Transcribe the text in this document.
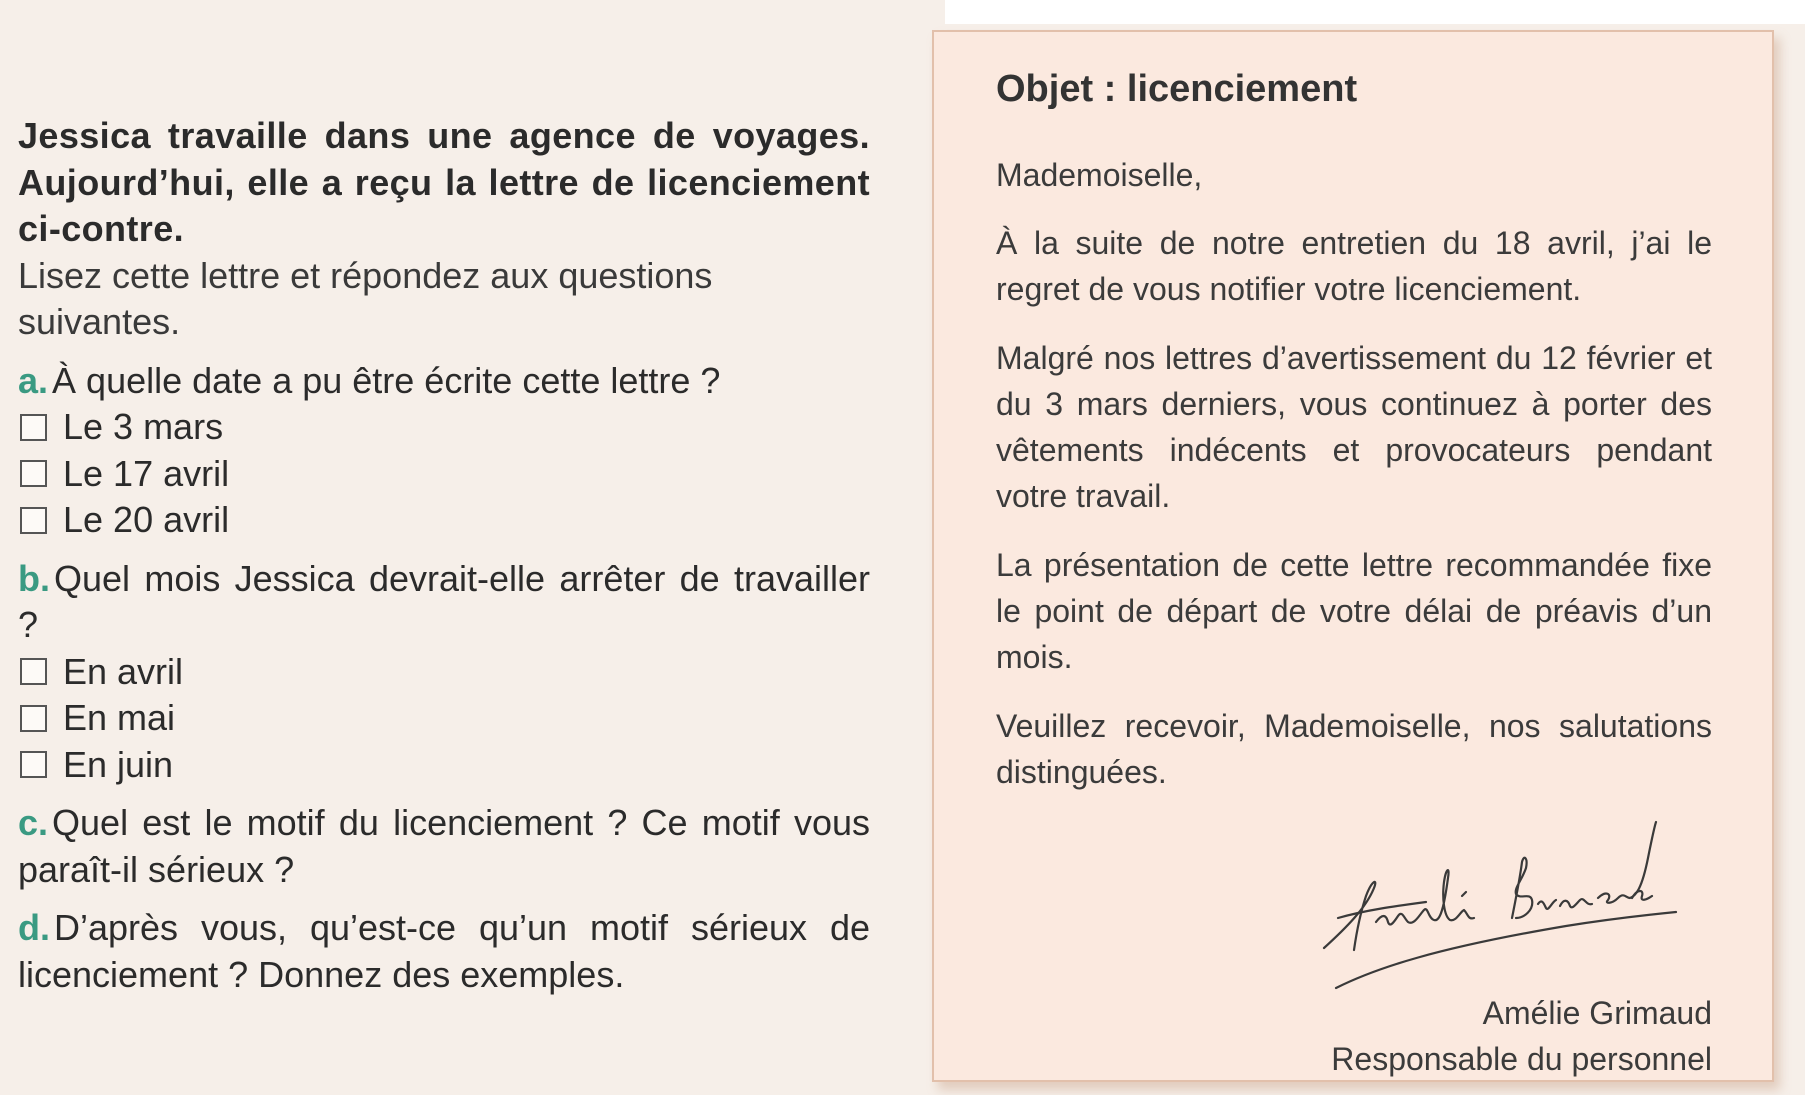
Jessica travaille dans une agence de voyages. Aujourd’hui, elle a reçu la lettre de licenciement ci-contre.
Lisez cette lettre et répondez aux questions suivantes.
a. À quelle date a pu être écrite cette lettre ?
Le 3 mars
Le 17 avril
Le 20 avril
b. Quel mois Jessica devrait-elle arrêter de travailler ?
En avril
En mai
En juin
c. Quel est le motif du licenciement ? Ce motif vous paraît-il sérieux ?
d. D’après vous, qu’est-ce qu’un motif sérieux de licenciement ? Donnez des exemples.
Objet : licenciement
Mademoiselle,
À la suite de notre entretien du 18 avril, j’ai le regret de vous notifier votre licenciement.
Malgré nos lettres d’avertissement du 12 février et du 3 mars derniers, vous continuez à porter des vêtements indécents et provocateurs pendant votre travail.
La présentation de cette lettre recommandée fixe le point de départ de votre délai de préavis d’un mois.
Veuillez recevoir, Mademoiselle, nos salutations distinguées.
Amélie Grimaud
Responsable du personnel
